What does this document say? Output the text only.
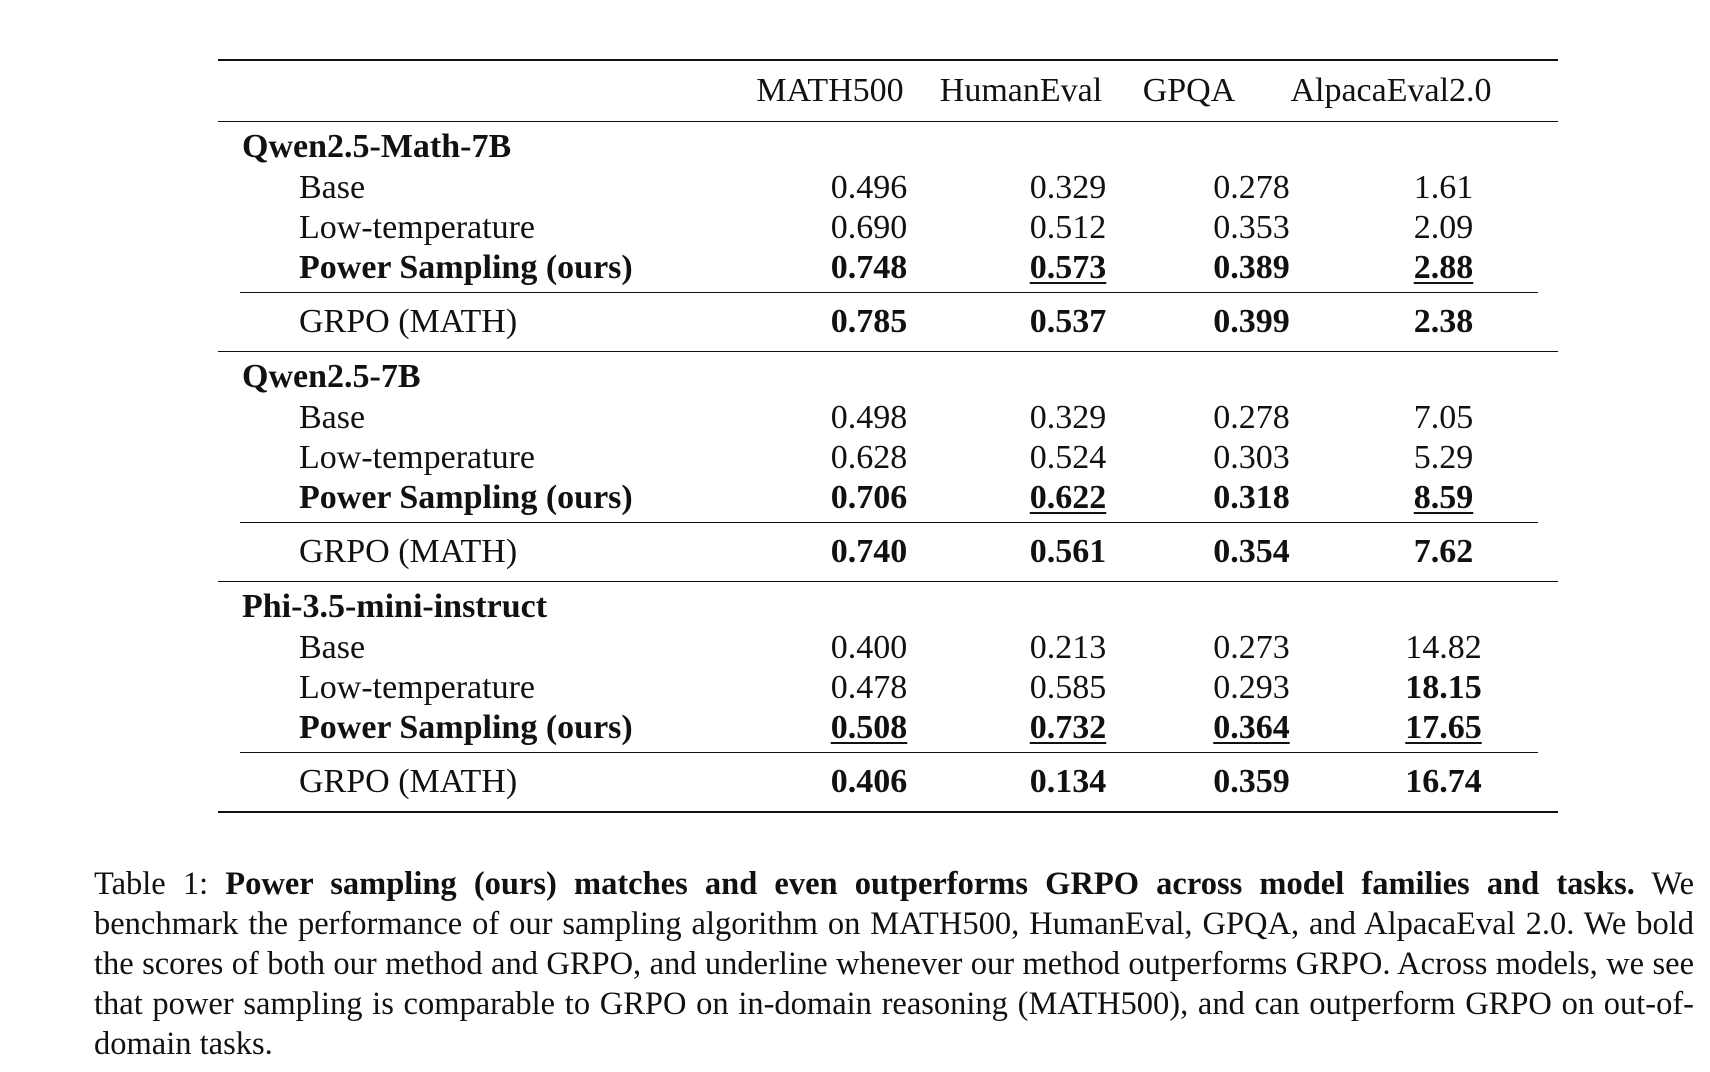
MATH500	HumanEval	GPQA	AlpacaEval2.0
Qwen2.5-Math-7B
Base	0.496	0.329	0.278	1.61
Low-temperature	0.690	0.512	0.353	2.09
Power Sampling (ours)	0.748	0.573	0.389	2.88
GRPO (MATH)	0.785	0.537	0.399	2.38
Qwen2.5-7B
Base	0.498	0.329	0.278	7.05
Low-temperature	0.628	0.524	0.303	5.29
Power Sampling (ours)	0.706	0.622	0.318	8.59
GRPO (MATH)	0.740	0.561	0.354	7.62
Phi-3.5-mini-instruct
Base	0.400	0.213	0.273	14.82
Low-temperature	0.478	0.585	0.293	18.15
Power Sampling (ours)	0.508	0.732	0.364	17.65
GRPO (MATH)	0.406	0.134	0.359	16.74
Table 1: Power sampling (ours) matches and even outperforms GRPO across model families and tasks. We benchmark the performance of our sampling algorithm on MATH500, HumanEval, GPQA, and AlpacaEval 2.0. We bold the scores of both our method and GRPO, and underline whenever our method outperforms GRPO. Across models, we see that power sampling is comparable to GRPO on in-domain reasoning (MATH500), and can outperform GRPO on out-of-domain tasks.
